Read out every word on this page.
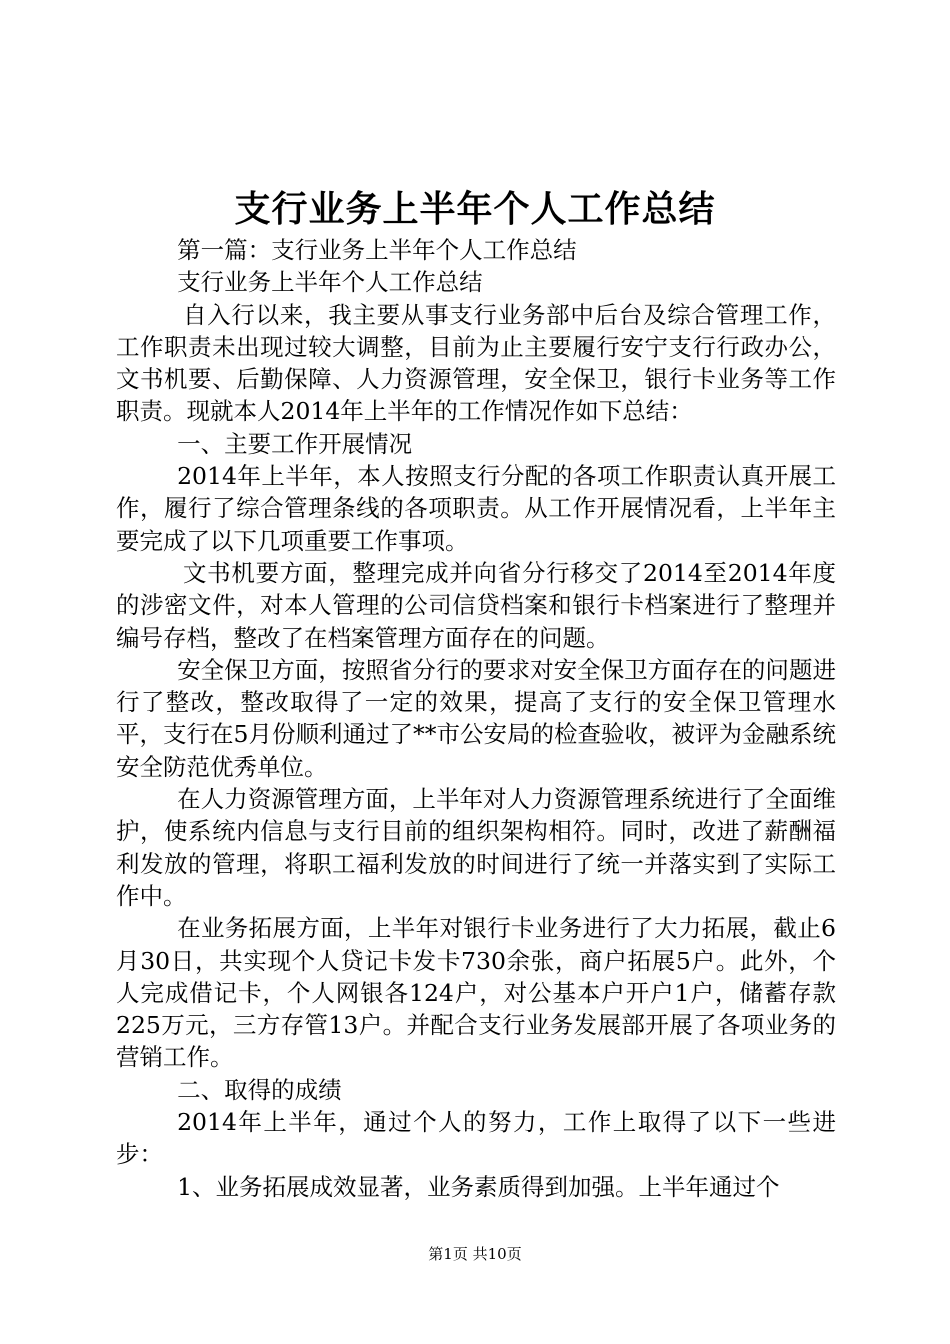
支行业务上半年个人工作总结

第一篇：支行业务上半年个人工作总结

支行业务上半年个人工作总结

自入行以来，我主要从事支行业务部中后台及综合管理工作，工作职责未出现过较大调整，目前为止主要履行安宁支行行政办公，文书机要、后勤保障、人力资源管理，安全保卫，银行卡业务等工作职责。现就本人2014年上半年的工作情况作如下总结：

一、主要工作开展情况

2014年上半年，本人按照支行分配的各项工作职责认真开展工作，履行了综合管理条线的各项职责。从工作开展情况看，上半年主要完成了以下几项重要工作事项。

文书机要方面，整理完成并向省分行移交了2014至2014年度的涉密文件，对本人管理的公司信贷档案和银行卡档案进行了整理并编号存档，整改了在档案管理方面存在的问题。

安全保卫方面，按照省分行的要求对安全保卫方面存在的问题进行了整改，整改取得了一定的效果，提高了支行的安全保卫管理水平，支行在5月份顺利通过了**市公安局的检查验收，被评为金融系统安全防范优秀单位。

在人力资源管理方面，上半年对人力资源管理系统进行了全面维护，使系统内信息与支行目前的组织架构相符。同时，改进了薪酬福利发放的管理，将职工福利发放的时间进行了统一并落实到了实际工作中。

在业务拓展方面，上半年对银行卡业务进行了大力拓展，截止6月30日，共实现个人贷记卡发卡730余张，商户拓展5户。此外，个人完成借记卡，个人网银各124户，对公基本户开户1户，储蓄存款225万元，三方存管13户。并配合支行业务发展部开展了各项业务的营销工作。

二、取得的成绩

2014年上半年，通过个人的努力，工作上取得了以下一些进步：

1、业务拓展成效显著，业务素质得到加强。上半年通过个

第1页 共10页
